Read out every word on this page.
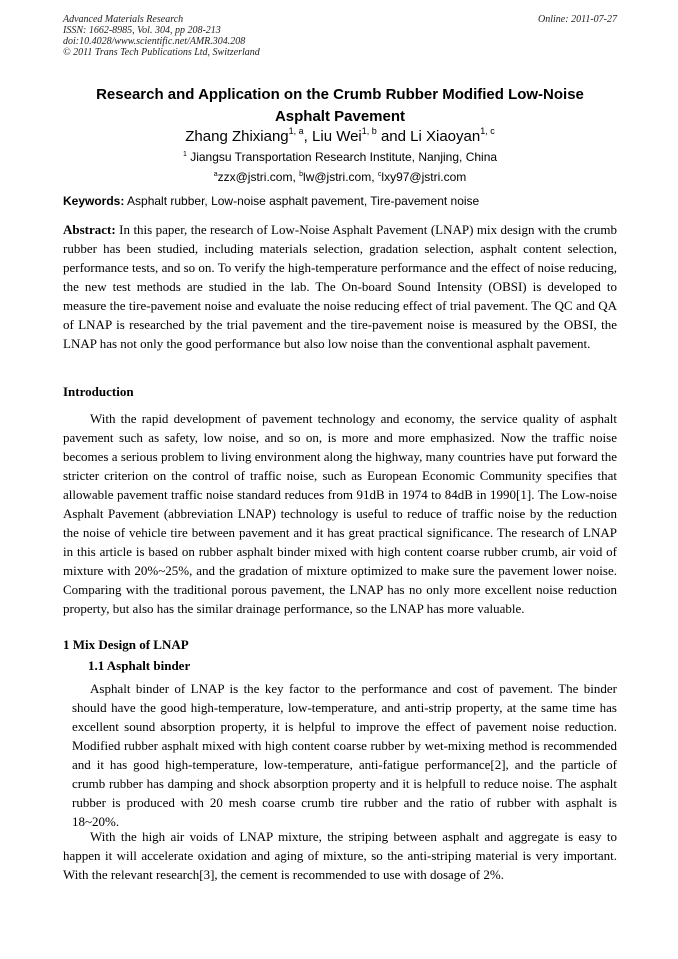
Advanced Materials Research
ISSN: 1662-8985, Vol. 304, pp 208-213
doi:10.4028/www.scientific.net/AMR.304.208
© 2011 Trans Tech Publications Ltd, Switzerland
Online: 2011-07-27
Research and Application on the Crumb Rubber Modified Low-Noise
Asphalt Pavement
Zhang Zhixiang$^{1, a}$, Liu Wei$^{1, b}$ and Li Xiaoyan$^{1, c}$
$^1$ Jiangsu Transportation Research Institute, Nanjing, China
$^a$zzx@jstri.com, $^b$lw@jstri.com, $^c$lxy97@jstri.com
Keywords: Asphalt rubber, Low-noise asphalt pavement, Tire-pavement noise
Abstract: In this paper, the research of Low-Noise Asphalt Pavement (LNAP) mix design with the crumb rubber has been studied, including materials selection, gradation selection, asphalt content selection, performance tests, and so on. To verify the high-temperature performance and the effect of noise reducing, the new test methods are studied in the lab. The On-board Sound Intensity (OBSI) is developed to measure the tire-pavement noise and evaluate the noise reducing effect of trial pavement. The QC and QA of LNAP is researched by the trial pavement and the tire-pavement noise is measured by the OBSI, the LNAP has not only the good performance but also low noise than the conventional asphalt pavement.
Introduction
With the rapid development of pavement technology and economy, the service quality of asphalt pavement such as safety, low noise, and so on, is more and more emphasized. Now the traffic noise becomes a serious problem to living environment along the highway, many countries have put forward the stricter criterion on the control of traffic noise, such as European Economic Community specifies that allowable pavement traffic noise standard reduces from 91dB in 1974 to 84dB in 1990[1]. The Low-noise Asphalt Pavement (abbreviation LNAP) technology is useful to reduce of traffic noise by the reduction the noise of vehicle tire between pavement and it has great practical significance. The research of LNAP in this article is based on rubber asphalt binder mixed with high content coarse rubber crumb, air void of mixture with 20%~25%, and the gradation of mixture optimized to make sure the pavement lower noise. Comparing with the traditional porous pavement, the LNAP has no only more excellent noise reduction property, but also has the similar drainage performance, so the LNAP has more valuable.
1 Mix Design of LNAP
1.1 Asphalt binder
Asphalt binder of LNAP is the key factor to the performance and cost of pavement. The binder should have the good high-temperature, low-temperature, and anti-strip property, at the same time has excellent sound absorption property, it is helpful to improve the effect of pavement noise reduction. Modified rubber asphalt mixed with high content coarse rubber by wet-mixing method is recommended and it has good high-temperature, low-temperature, anti-fatigue performance[2], and the particle of crumb rubber has damping and shock absorption property and it is helpfull to reduce noise. The asphalt rubber is produced with 20 mesh coarse crumb tire rubber and the ratio of rubber with asphalt is 18~20%.
With the high air voids of LNAP mixture, the striping between asphalt and aggregate is easy to happen it will accelerate oxidation and aging of mixture, so the anti-striping material is very important. With the relevant research[3], the cement is recommended to use with dosage of 2%.
